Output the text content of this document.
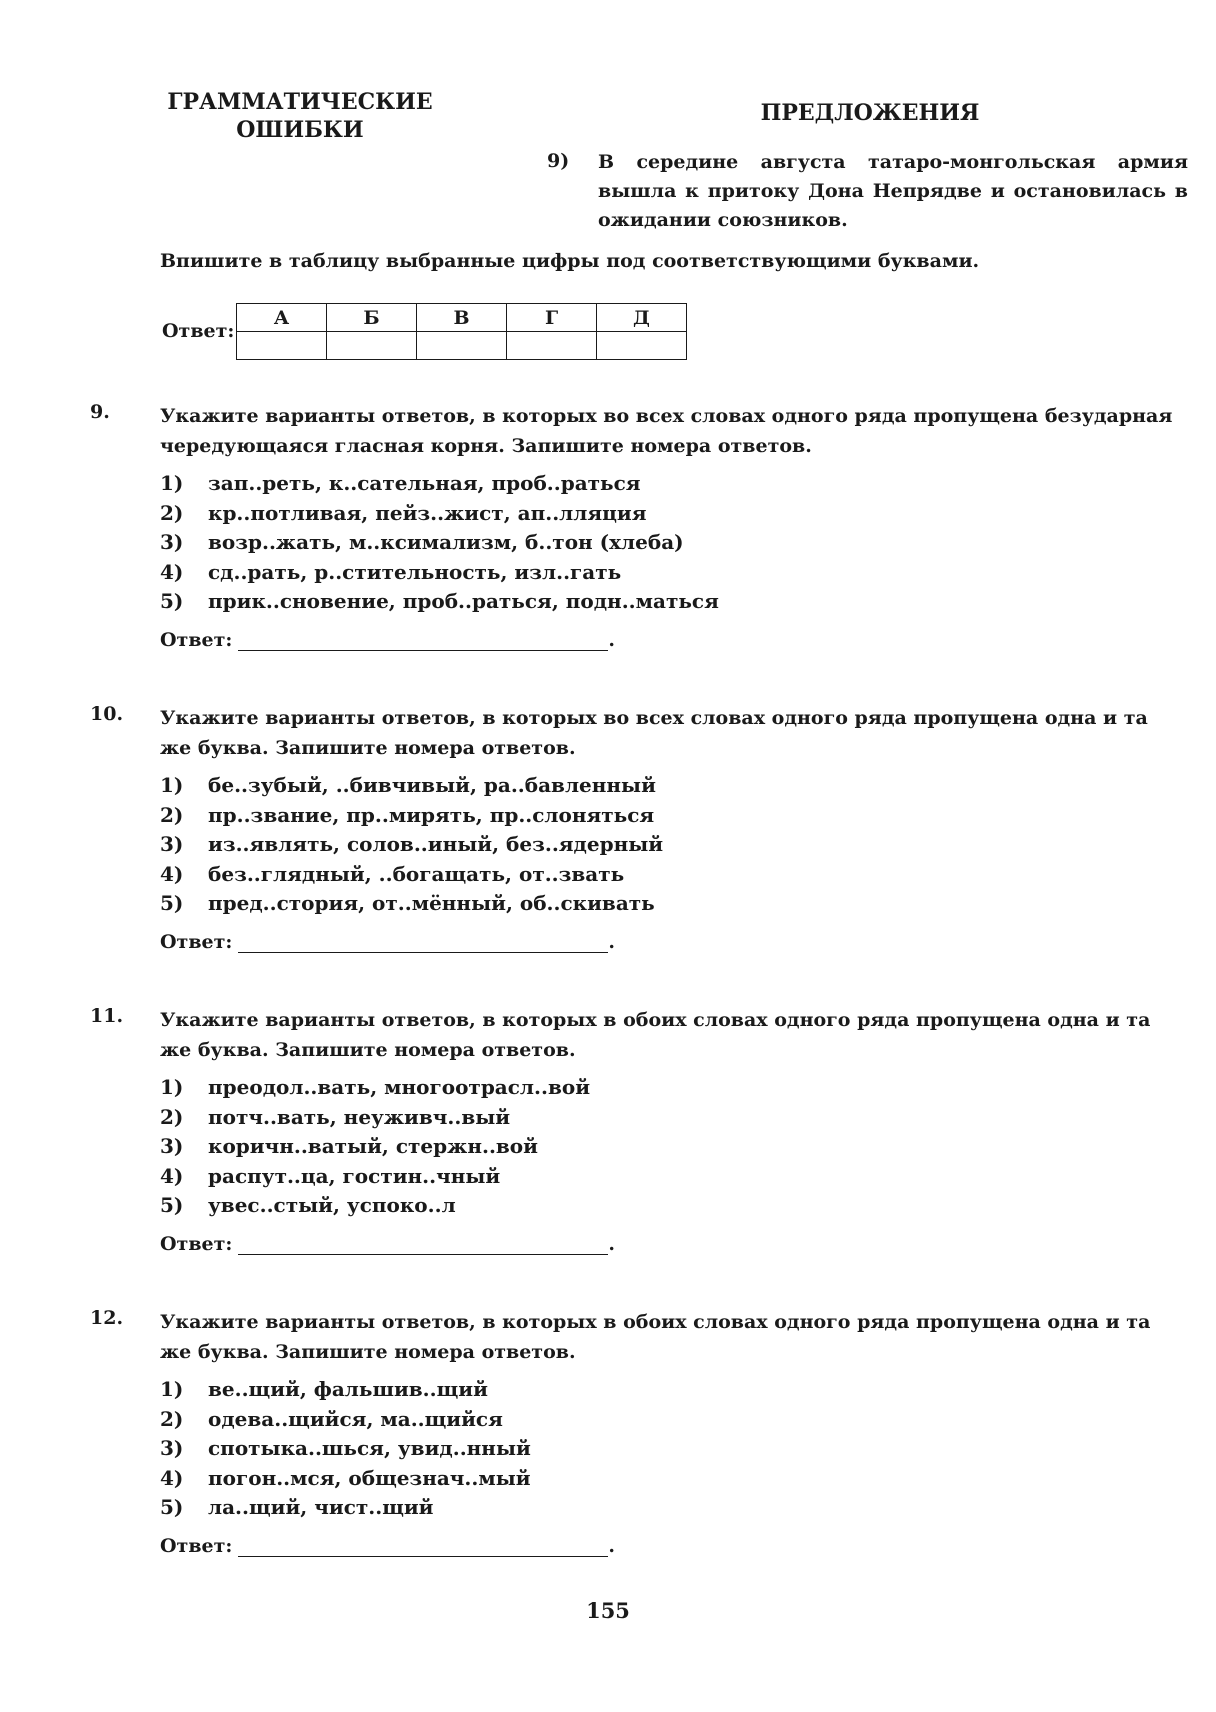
ГРАММАТИЧЕСКИЕ ОШИБКИ
ПРЕДЛОЖЕНИЯ
9) В середине августа татаро-монгольская армия вышла к притоку Дона Непрядве и остановилась в ожидании союзников.
Впишите в таблицу выбранные цифры под соответствующими буквами.
Ответ:
А	Б	В	Г	Д

9.	Укажите варианты ответов, в которых во всех словах одного ряда пропущена безударная чередующаяся гласная корня. Запишите номера ответов.
1) зап..реть, к..сательная, проб..раться
2) кр..потливая, пейз..жист, ап..лляция
3) возр..жать, м..ксимализм, б..тон (хлеба)
4) сд..рать, р..стительность, изл..гать
5) прик..сновение, проб..раться, подн..маться
Ответ:	.
10. Укажите варианты ответов, в которых во всех словах одного ряда пропущена одна и та же буква. Запишите номера ответов.
1) бе..зубый, ..бивчивый, ра..бавленный
2) пр..звание, пр..мирять, пр..слоняться
3) из..являть, солов..иный, без..ядерный
4) без..глядный, ..богащать, от..звать
5) пред..стория, от..мённый, об..скивать
Ответ:	.
11. Укажите варианты ответов, в которых в обоих словах одного ряда пропущена одна и та же буква. Запишите номера ответов.
1) преодол..вать, многоотрасл..вой
2) потч..вать, неуживч..вый
3) коричн..ватый, стержн..вой
4) распут..ца, гостин..чный
5) увес..стый, успоко..л
Ответ:	.
12. Укажите варианты ответов, в которых в обоих словах одного ряда пропущена одна и та же буква. Запишите номера ответов.
1) ве..щий, фальшив..щий
2) одева..щийся, ма..щийся
3) спотыка..шься, увид..нный
4) погон..мся, общезнач..мый
5) ла..щий, чист..щий
Ответ:	.
155
